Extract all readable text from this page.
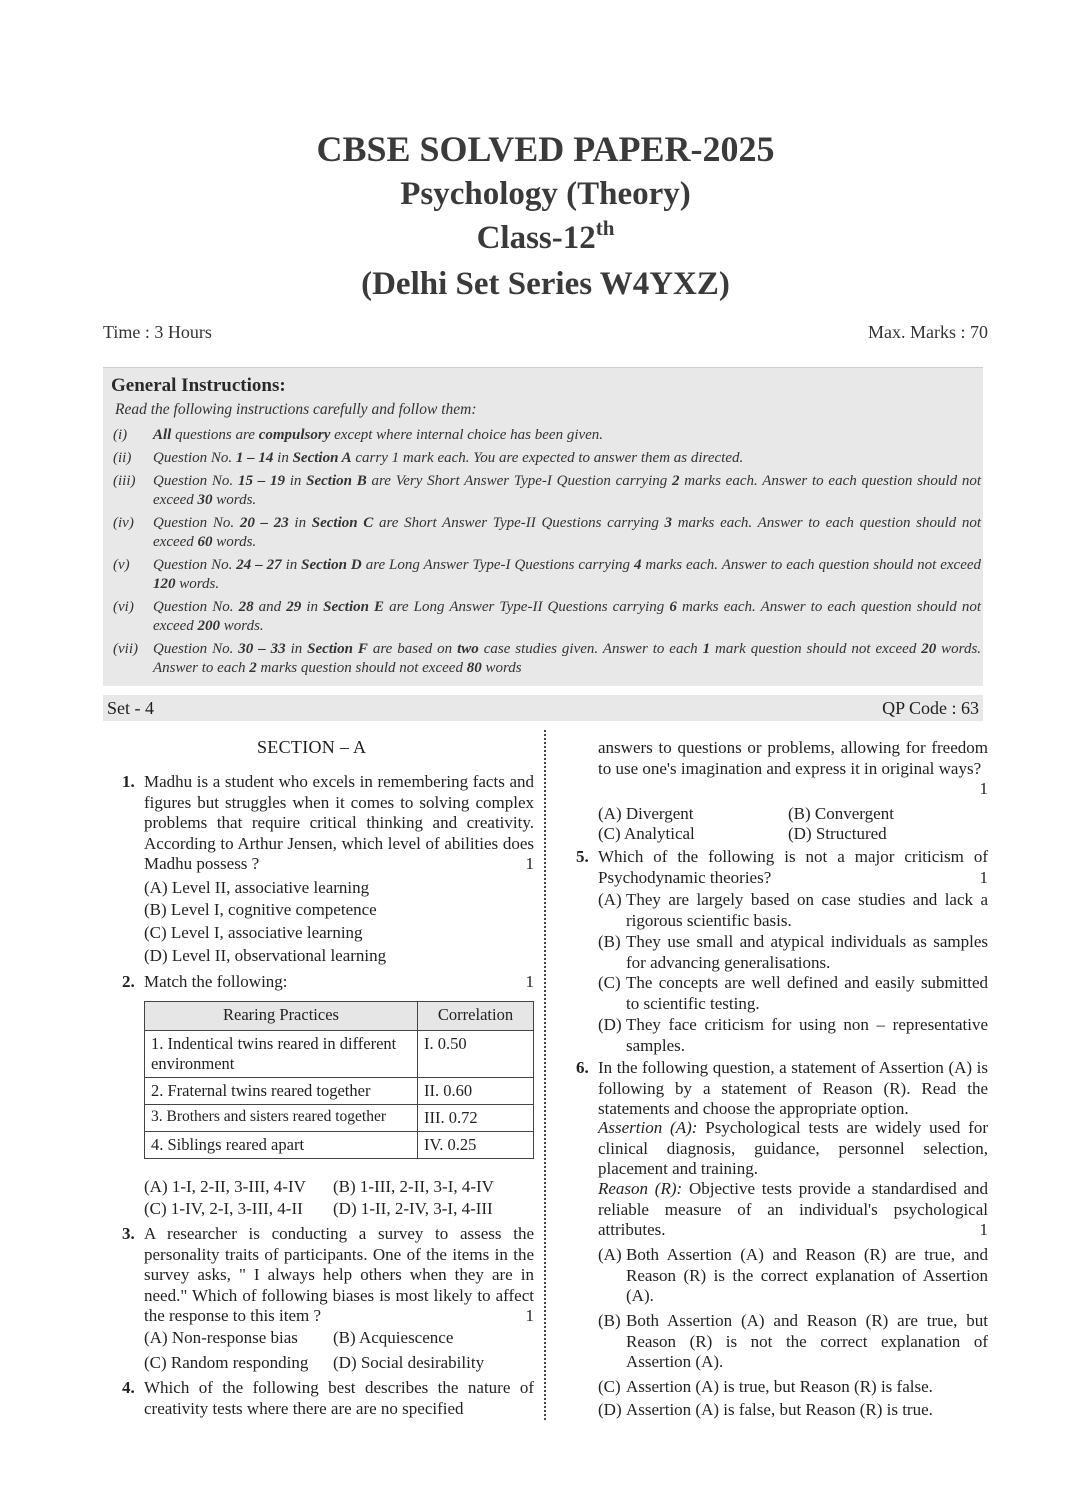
CBSE SOLVED PAPER-2025
Psychology (Theory)
Class-12th
(Delhi Set Series W4YXZ)
Time : 3 Hours	Max. Marks : 70
General Instructions:
Read the following instructions carefully and follow them:
(i) All questions are compulsory except where internal choice has been given.
(ii) Question No. 1 – 14 in Section A carry 1 mark each. You are expected to answer them as directed.
(iii) Question No. 15 – 19 in Section B are Very Short Answer Type-I Question carrying 2 marks each. Answer to each question should not exceed 30 words.
(iv) Question No. 20 – 23 in Section C are Short Answer Type-II Questions carrying 3 marks each. Answer to each question should not exceed 60 words.
(v) Question No. 24 – 27 in Section D are Long Answer Type-I Questions carrying 4 marks each. Answer to each question should not exceed 120 words.
(vi) Question No. 28 and 29 in Section E are Long Answer Type-II Questions carrying 6 marks each. Answer to each question should not exceed 200 words.
(vii) Question No. 30 – 33 in Section F are based on two case studies given. Answer to each 1 mark question should not exceed 20 words. Answer to each 2 marks question should not exceed 80 words
Set - 4	QP Code : 63
SECTION – A
1. Madhu is a student who excels in remembering facts and figures but struggles when it comes to solving complex problems that require critical thinking and creativity. According to Arthur Jensen, which level of abilities does Madhu possess ?	1
(A) Level II, associative learning
(B) Level I, cognitive competence
(C) Level I, associative learning
(D) Level II, observational learning
2. Match the following:	1
Rearing Practices	Correlation
1. Indentical twins reared in different environment	I. 0.50
2. Fraternal twins reared together	II. 0.60
3. Brothers and sisters reared together	III. 0.72
4. Siblings reared apart	IV. 0.25
(A) 1-I, 2-II, 3-III, 4-IV (B) 1-III, 2-II, 3-I, 4-IV
(C) 1-IV, 2-I, 3-III, 4-II (D) 1-II, 2-IV, 3-I, 4-III
3. A researcher is conducting a survey to assess the personality traits of participants. One of the items in the survey asks, " I always help others when they are in need." Which of following biases is most likely to affect the response to this item ?	1
(A) Non-response bias (B) Acquiescence
(C) Random responding (D) Social desirability
4. Which of the following best describes the nature of creativity tests where there are are no specified
answers to questions or problems, allowing for freedom to use one's imagination and express it in original ways?
1
(A) Divergent	(B) Convergent
(C) Analytical	(D) Structured
5. Which of the following is not a major criticism of Psychodynamic theories?	1
(A) They are largely based on case studies and lack a rigorous scientific basis.
(B) They use small and atypical individuals as samples for advancing generalisations.
(C) The concepts are well defined and easily submitted to scientific testing.
(D) They face criticism for using non – representative samples.
6. In the following question, a statement of Assertion (A) is following by a statement of Reason (R). Read the statements and choose the appropriate option.
Assertion (A): Psychological tests are widely used for clinical diagnosis, guidance, personnel selection, placement and training.
Reason (R): Objective tests provide a standardised and reliable measure of an individual's psychological attributes.	1
(A) Both Assertion (A) and Reason (R) are true, and Reason (R) is the correct explanation of Assertion (A).
(B) Both Assertion (A) and Reason (R) are true, but Reason (R) is not the correct explanation of Assertion (A).
(C) Assertion (A) is true, but Reason (R) is false.
(D) Assertion (A) is false, but Reason (R) is true.
